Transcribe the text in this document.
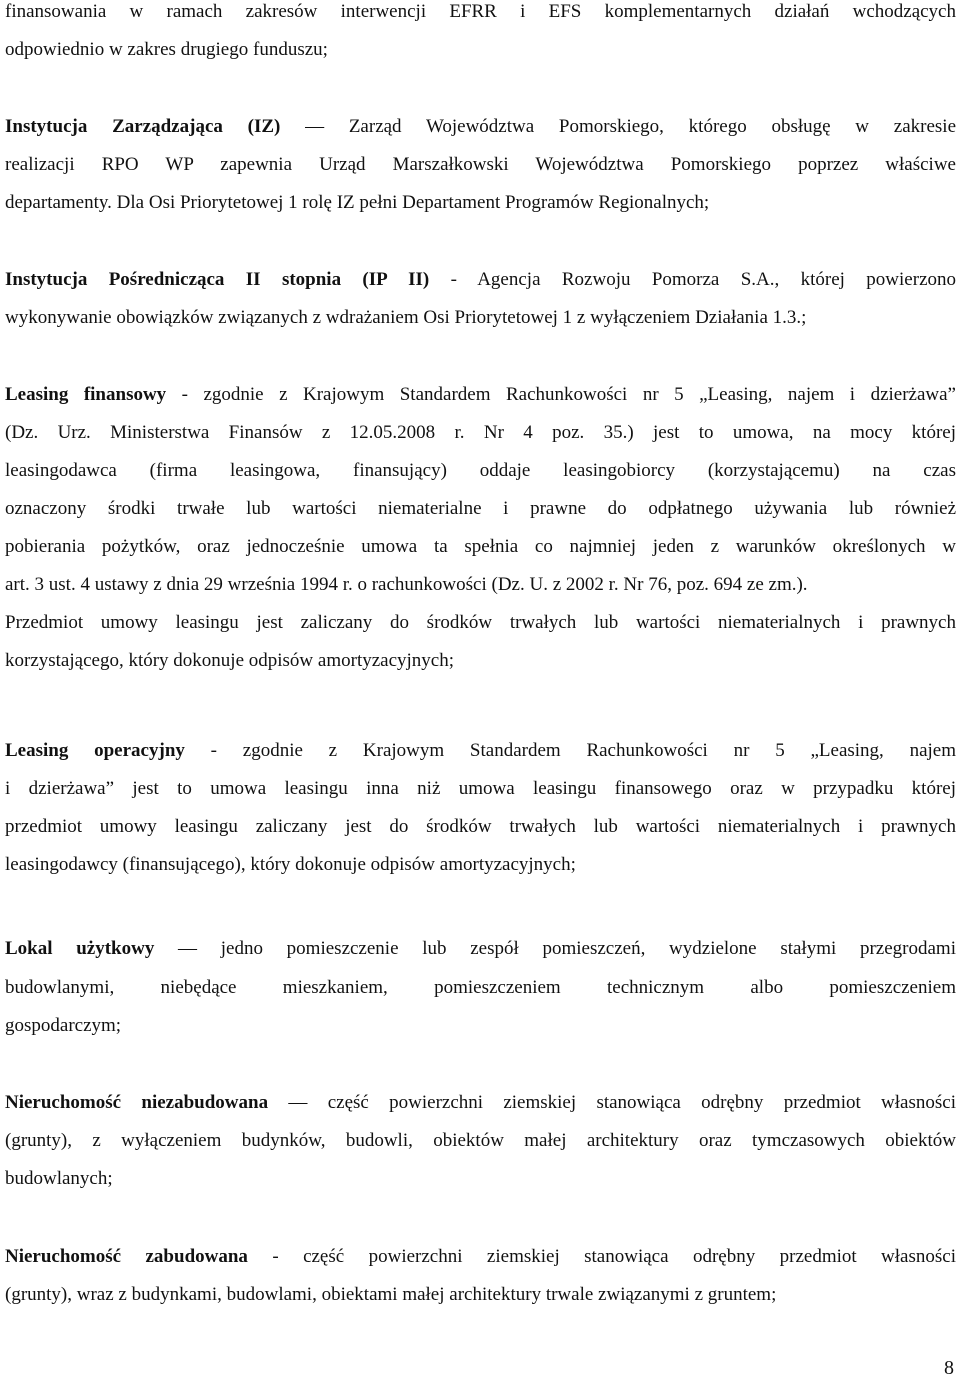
finansowania w ramach zakresów interwencji EFRR i EFS komplementarnych działań wchodzących
odpowiednio w zakres drugiego funduszu;
Instytucja Zarządzająca (IZ) — Zarząd Województwa Pomorskiego, którego obsługę w zakresie
realizacji RPO WP zapewnia Urząd Marszałkowski Województwa Pomorskiego poprzez właściwe
departamenty. Dla Osi Priorytetowej 1 rolę IZ pełni Departament Programów Regionalnych;
Instytucja Pośrednicząca II stopnia (IP II) - Agencja Rozwoju Pomorza S.A., której powierzono
wykonywanie obowiązków związanych z wdrażaniem Osi Priorytetowej 1 z wyłączeniem Działania 1.3.;
Leasing finansowy - zgodnie z Krajowym Standardem Rachunkowości nr 5 „Leasing, najem i dzierżawa”
(Dz. Urz. Ministerstwa Finansów z 12.05.2008 r. Nr 4 poz. 35.) jest to umowa, na mocy której
leasingodawca (firma leasingowa, finansujący) oddaje leasingobiorcy (korzystającemu) na czas
oznaczony środki trwałe lub wartości niematerialne i prawne do odpłatnego używania lub również
pobierania pożytków, oraz jednocześnie umowa ta spełnia co najmniej jeden z warunków określonych w
art. 3 ust. 4 ustawy z dnia 29 września 1994 r. o rachunkowości (Dz. U. z 2002 r. Nr 76, poz. 694 ze zm.).
Przedmiot umowy leasingu jest zaliczany do środków trwałych lub wartości niematerialnych i prawnych
korzystającego, który dokonuje odpisów amortyzacyjnych;
Leasing operacyjny - zgodnie z Krajowym Standardem Rachunkowości nr 5 „Leasing, najem
i dzierżawa” jest to umowa leasingu inna niż umowa leasingu finansowego oraz w przypadku której
przedmiot umowy leasingu zaliczany jest do środków trwałych lub wartości niematerialnych i prawnych
leasingodawcy (finansującego), który dokonuje odpisów amortyzacyjnych;
Lokal użytkowy — jedno pomieszczenie lub zespół pomieszczeń, wydzielone stałymi przegrodami
budowlanymi, niebędące mieszkaniem, pomieszczeniem technicznym albo pomieszczeniem
gospodarczym;
Nieruchomość niezabudowana — część powierzchni ziemskiej stanowiąca odrębny przedmiot własności
(grunty), z wyłączeniem budynków, budowli, obiektów małej architektury oraz tymczasowych obiektów
budowlanych;
Nieruchomość zabudowana - część powierzchni ziemskiej stanowiąca odrębny przedmiot własności
(grunty), wraz z budynkami, budowlami, obiektami małej architektury trwale związanymi z gruntem;
8
